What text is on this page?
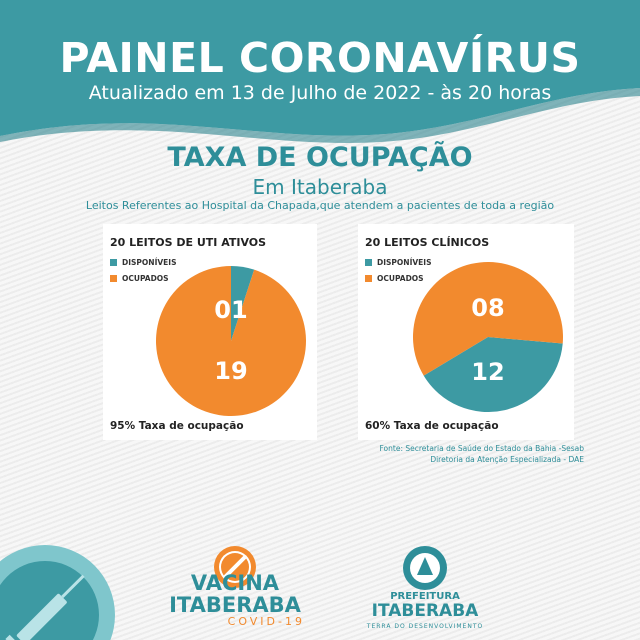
PAINEL CORONAVÍRUS
Atualizado em 13 de Julho de 2022 - às 20 horas
TAXA DE OCUPAÇÃO
Em Itaberaba
Leitos Referentes ao Hospital da Chapada,que atendem a pacientes de toda a região
20 LEITOS DE UTI ATIVOS
DISPONÍVEIS
OCUPADOS
01
19
95% Taxa de ocupação
20 LEITOS CLÍNICOS
DISPONÍVEIS
OCUPADOS
08
12
60% Taxa de ocupação
Fonte: Secretaria de Saúde do Estado da Bahia -Sesab
Diretoria da Atenção Especializada - DAE
VACINA
ITABERABA
COVID-19
PREFEITURA
ITABERABA
TERRA DO DESENVOLVIMENTO
